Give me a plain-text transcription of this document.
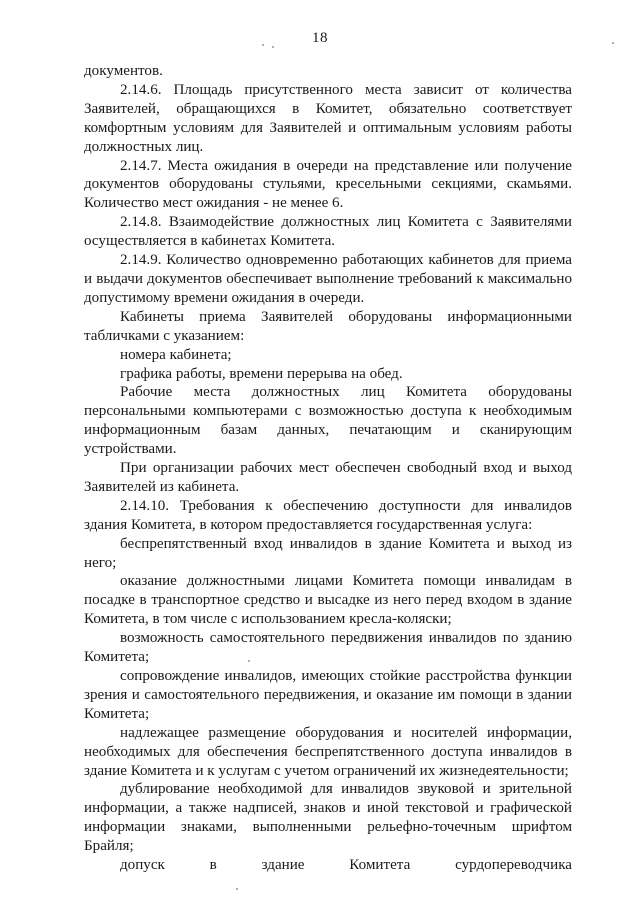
18

документов.

2.14.6. Площадь присутственного места зависит от количества Заявителей, обращающихся в Комитет, обязательно соответствует комфортным условиям для Заявителей и оптимальным условиям работы должностных лиц.

2.14.7. Места ожидания в очереди на представление или получение документов оборудованы стульями, кресельными секциями, скамьями. Количество мест ожидания - не менее 6.

2.14.8. Взаимодействие должностных лиц Комитета с Заявителями осуществляется в кабинетах Комитета.

2.14.9. Количество одновременно работающих кабинетов для приема и выдачи документов обеспечивает выполнение требований к максимально допустимому времени ожидания в очереди.

Кабинеты приема Заявителей оборудованы информационными табличками с указанием:

номера кабинета;

графика работы, времени перерыва на обед.

Рабочие места должностных лиц Комитета оборудованы персональными компьютерами с возможностью доступа к необходимым информационным базам данных, печатающим и сканирующим устройствами.

При организации рабочих мест обеспечен свободный вход и выход Заявителей из кабинета.

2.14.10. Требования к обеспечению доступности для инвалидов здания Комитета, в котором предоставляется государственная услуга:

беспрепятственный вход инвалидов в здание Комитета и выход из него;

оказание должностными лицами Комитета помощи инвалидам в посадке в транспортное средство и высадке из него перед входом в здание Комитета, в том числе с использованием кресла-коляски;

возможность самостоятельного передвижения инвалидов по зданию Комитета;

сопровождение инвалидов, имеющих стойкие расстройства функции зрения и самостоятельного передвижения, и оказание им помощи в здании Комитета;

надлежащее размещение оборудования и носителей информации, необходимых для обеспечения беспрепятственного доступа инвалидов в здание Комитета и к услугам с учетом ограничений их жизнедеятельности;

дублирование необходимой для инвалидов звуковой и зрительной информации, а также надписей, знаков и иной текстовой и графической информации знаками, выполненными рельефно-точечным шрифтом Брайля;

допуск в здание Комитета сурдопереводчика
